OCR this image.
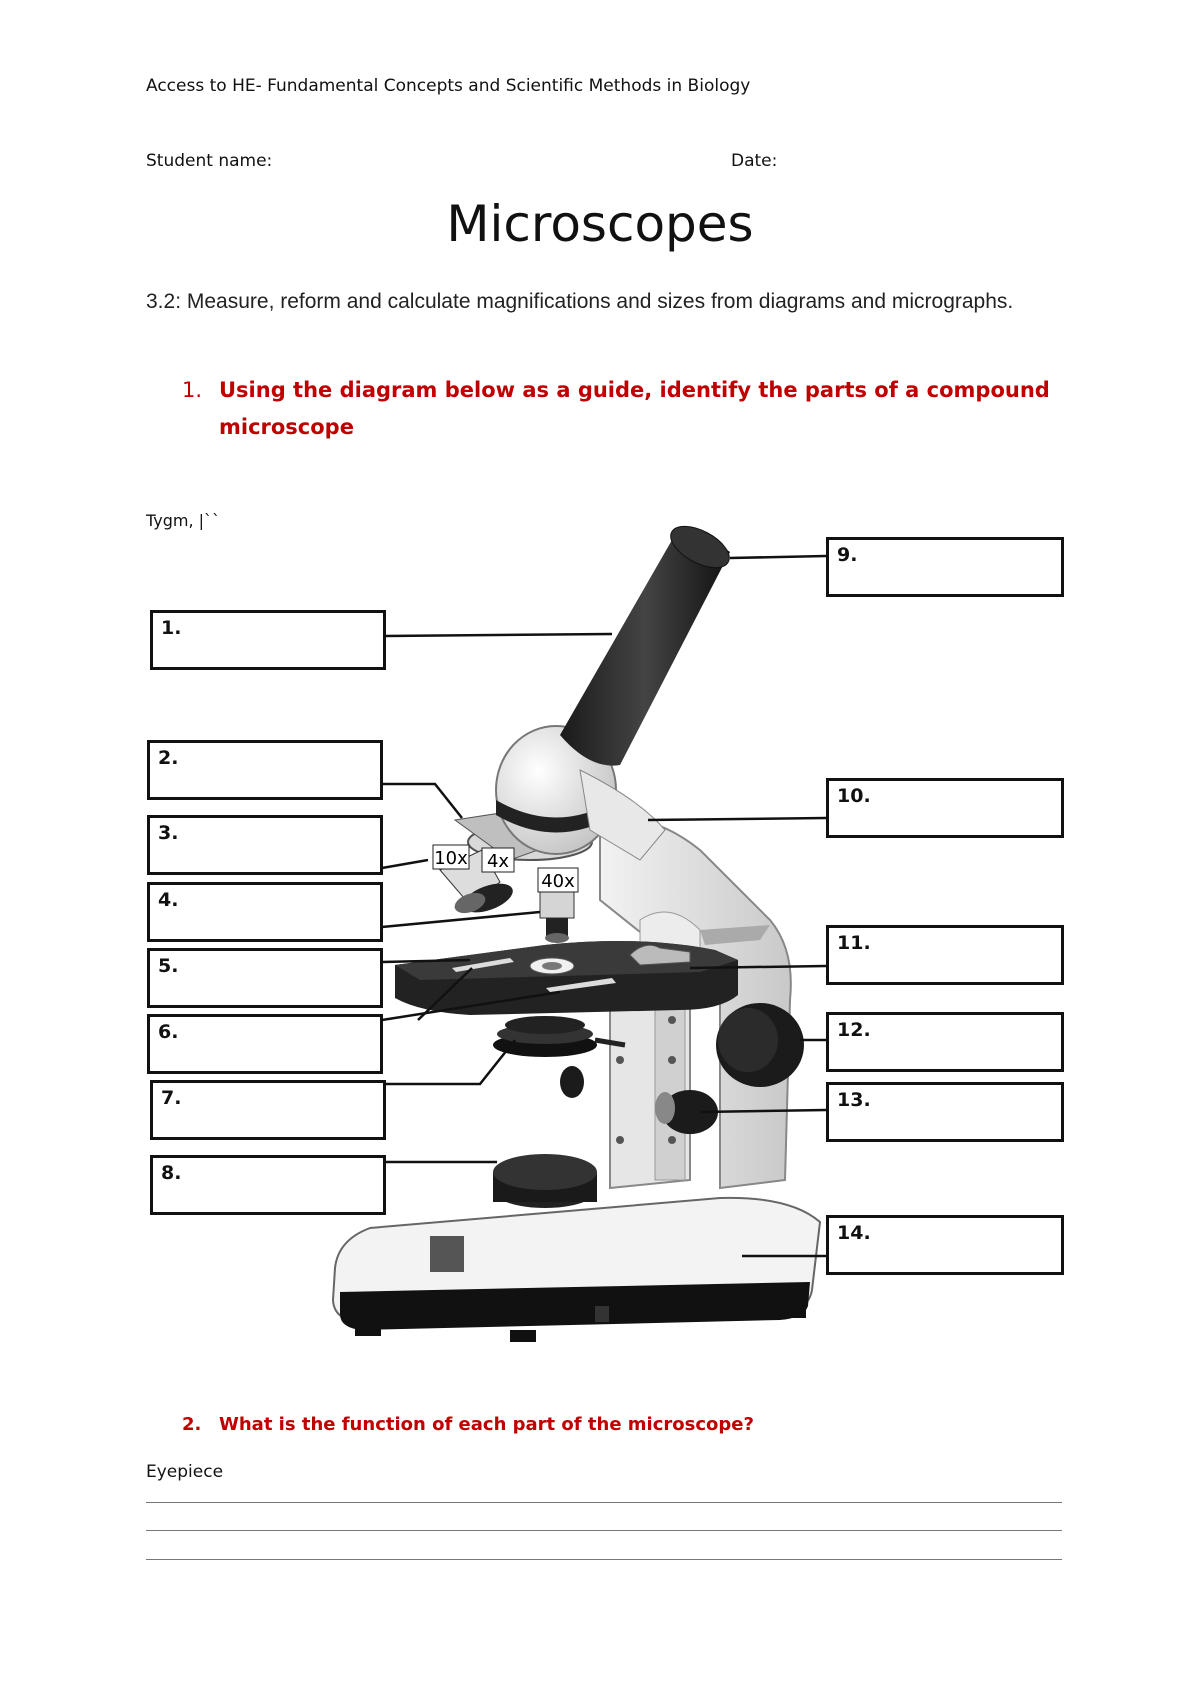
Access to HE- Fundamental Concepts and Scientific Methods in Biology
Student name:	Date:
Microscopes
3.2: Measure, reform and calculate magnifications and sizes from diagrams and micrographs.
1. Using the diagram below as a guide, identify the parts of a compound microscope
Tygm, |``
10x 4x
40x
1.
2.
3.
4.
5.
6.
7.
8.
9.
10.
11.
12.
13.
14.
2. What is the function of each part of the microscope?
Eyepiece
